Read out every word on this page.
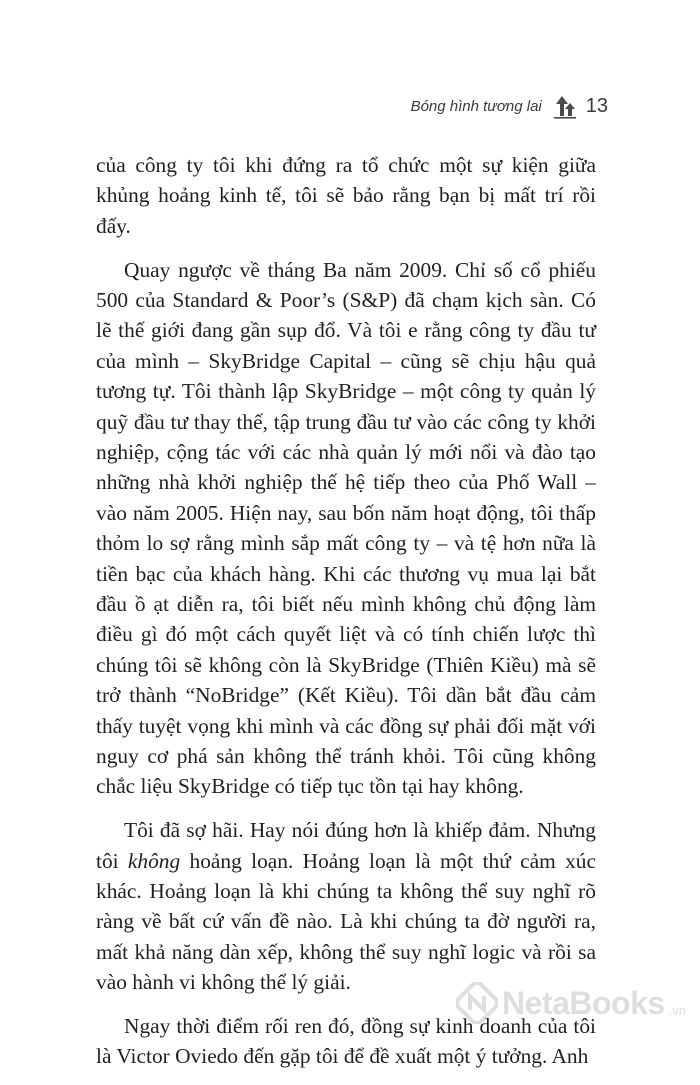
Bóng hình tương lai 13

của công ty tôi khi đứng ra tổ chức một sự kiện giữa khủng hoảng kinh tế, tôi sẽ bảo rằng bạn bị mất trí rồi đấy.

Quay ngược về tháng Ba năm 2009. Chỉ số cổ phiếu 500 của Standard & Poor’s (S&P) đã chạm kịch sàn. Có lẽ thế giới đang gần sụp đổ. Và tôi e rằng công ty đầu tư của mình – SkyBridge Capital – cũng sẽ chịu hậu quả tương tự. Tôi thành lập SkyBridge – một công ty quản lý quỹ đầu tư thay thế, tập trung đầu tư vào các công ty khởi nghiệp, cộng tác với các nhà quản lý mới nổi và đào tạo những nhà khởi nghiệp thế hệ tiếp theo của Phố Wall – vào năm 2005. Hiện nay, sau bốn năm hoạt động, tôi thấp thỏm lo sợ rằng mình sắp mất công ty – và tệ hơn nữa là tiền bạc của khách hàng. Khi các thương vụ mua lại bắt đầu ồ ạt diễn ra, tôi biết nếu mình không chủ động làm điều gì đó một cách quyết liệt và có tính chiến lược thì chúng tôi sẽ không còn là SkyBridge (Thiên Kiều) mà sẽ trở thành “NoBridge” (Kết Kiều). Tôi dần bắt đầu cảm thấy tuyệt vọng khi mình và các đồng sự phải đối mặt với nguy cơ phá sản không thể tránh khỏi. Tôi cũng không chắc liệu SkyBridge có tiếp tục tồn tại hay không.

Tôi đã sợ hãi. Hay nói đúng hơn là khiếp đảm. Nhưng tôi không hoảng loạn. Hoảng loạn là một thứ cảm xúc khác. Hoảng loạn là khi chúng ta không thể suy nghĩ rõ ràng về bất cứ vấn đề nào. Là khi chúng ta đờ người ra, mất khả năng dàn xếp, không thể suy nghĩ logic và rồi sa vào hành vi không thể lý giải.

Ngay thời điểm rối ren đó, đồng sự kinh doanh của tôi là Victor Oviedo đến gặp tôi để đề xuất một ý tưởng. Anh

NetaBooks .vn
